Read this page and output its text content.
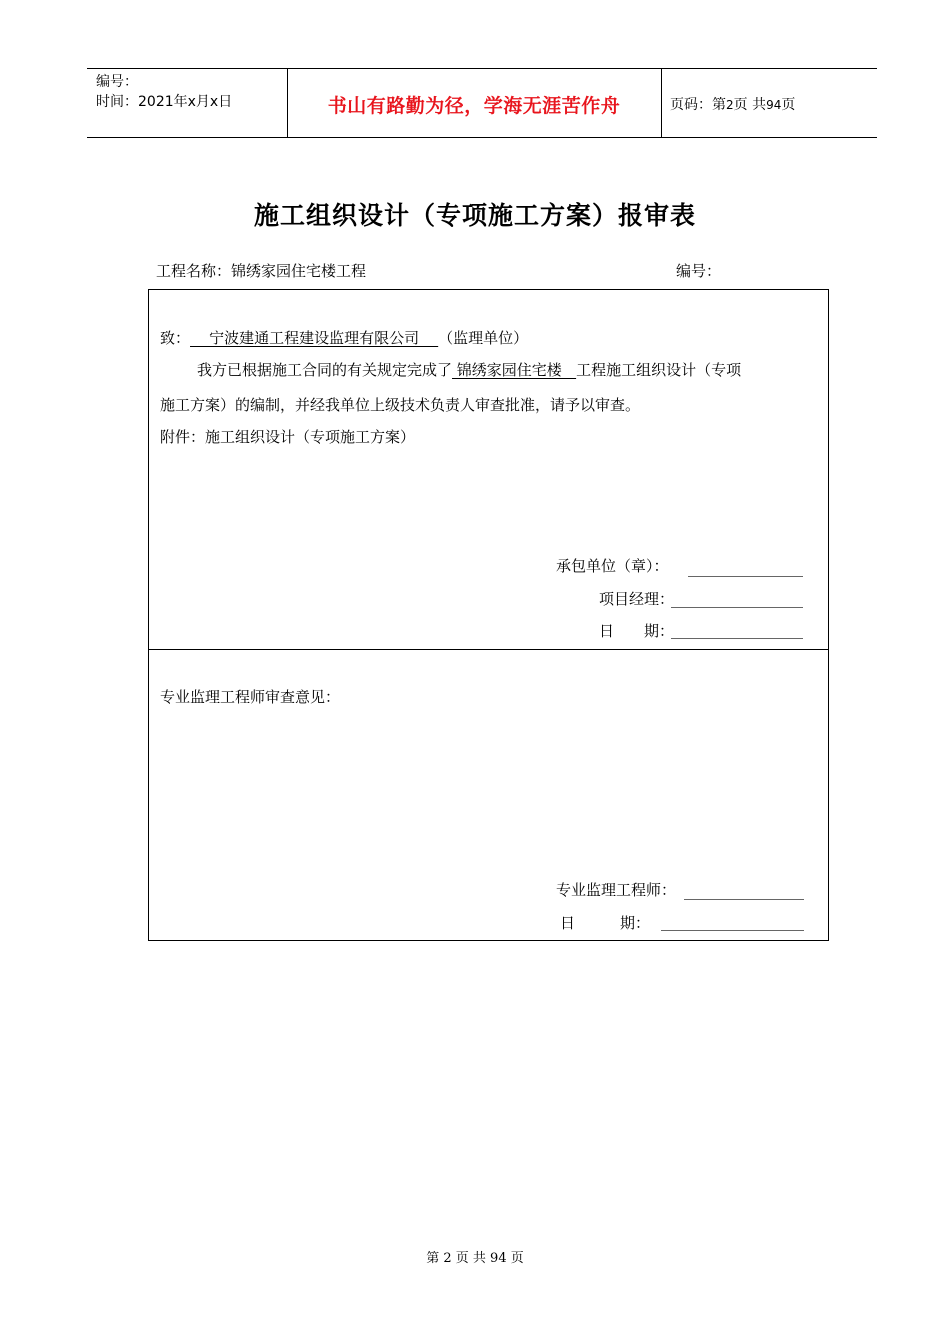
编号：
时间：2021年x月x日	书山有路勤为径，学海无涯苦作舟	页码：第2页 共94页
施工组织设计（专项施工方案）报审表
工程名称：锦绣家园住宅楼工程	编号：
致：    宁波建通工程建设监理有限公司    （监理单位）
我方已根据施工合同的有关规定完成了 锦绣家园住宅楼   工程施工组织设计（专项
施工方案）的编制，并经我单位上级技术负责人审查批准，请予以审查。
附件：施工组织设计（专项施工方案）
承包单位（章）：
项目经理：
日　　期：
专业监理工程师审查意见：
专业监理工程师：
日　　　期：
第 2 页 共 94 页
